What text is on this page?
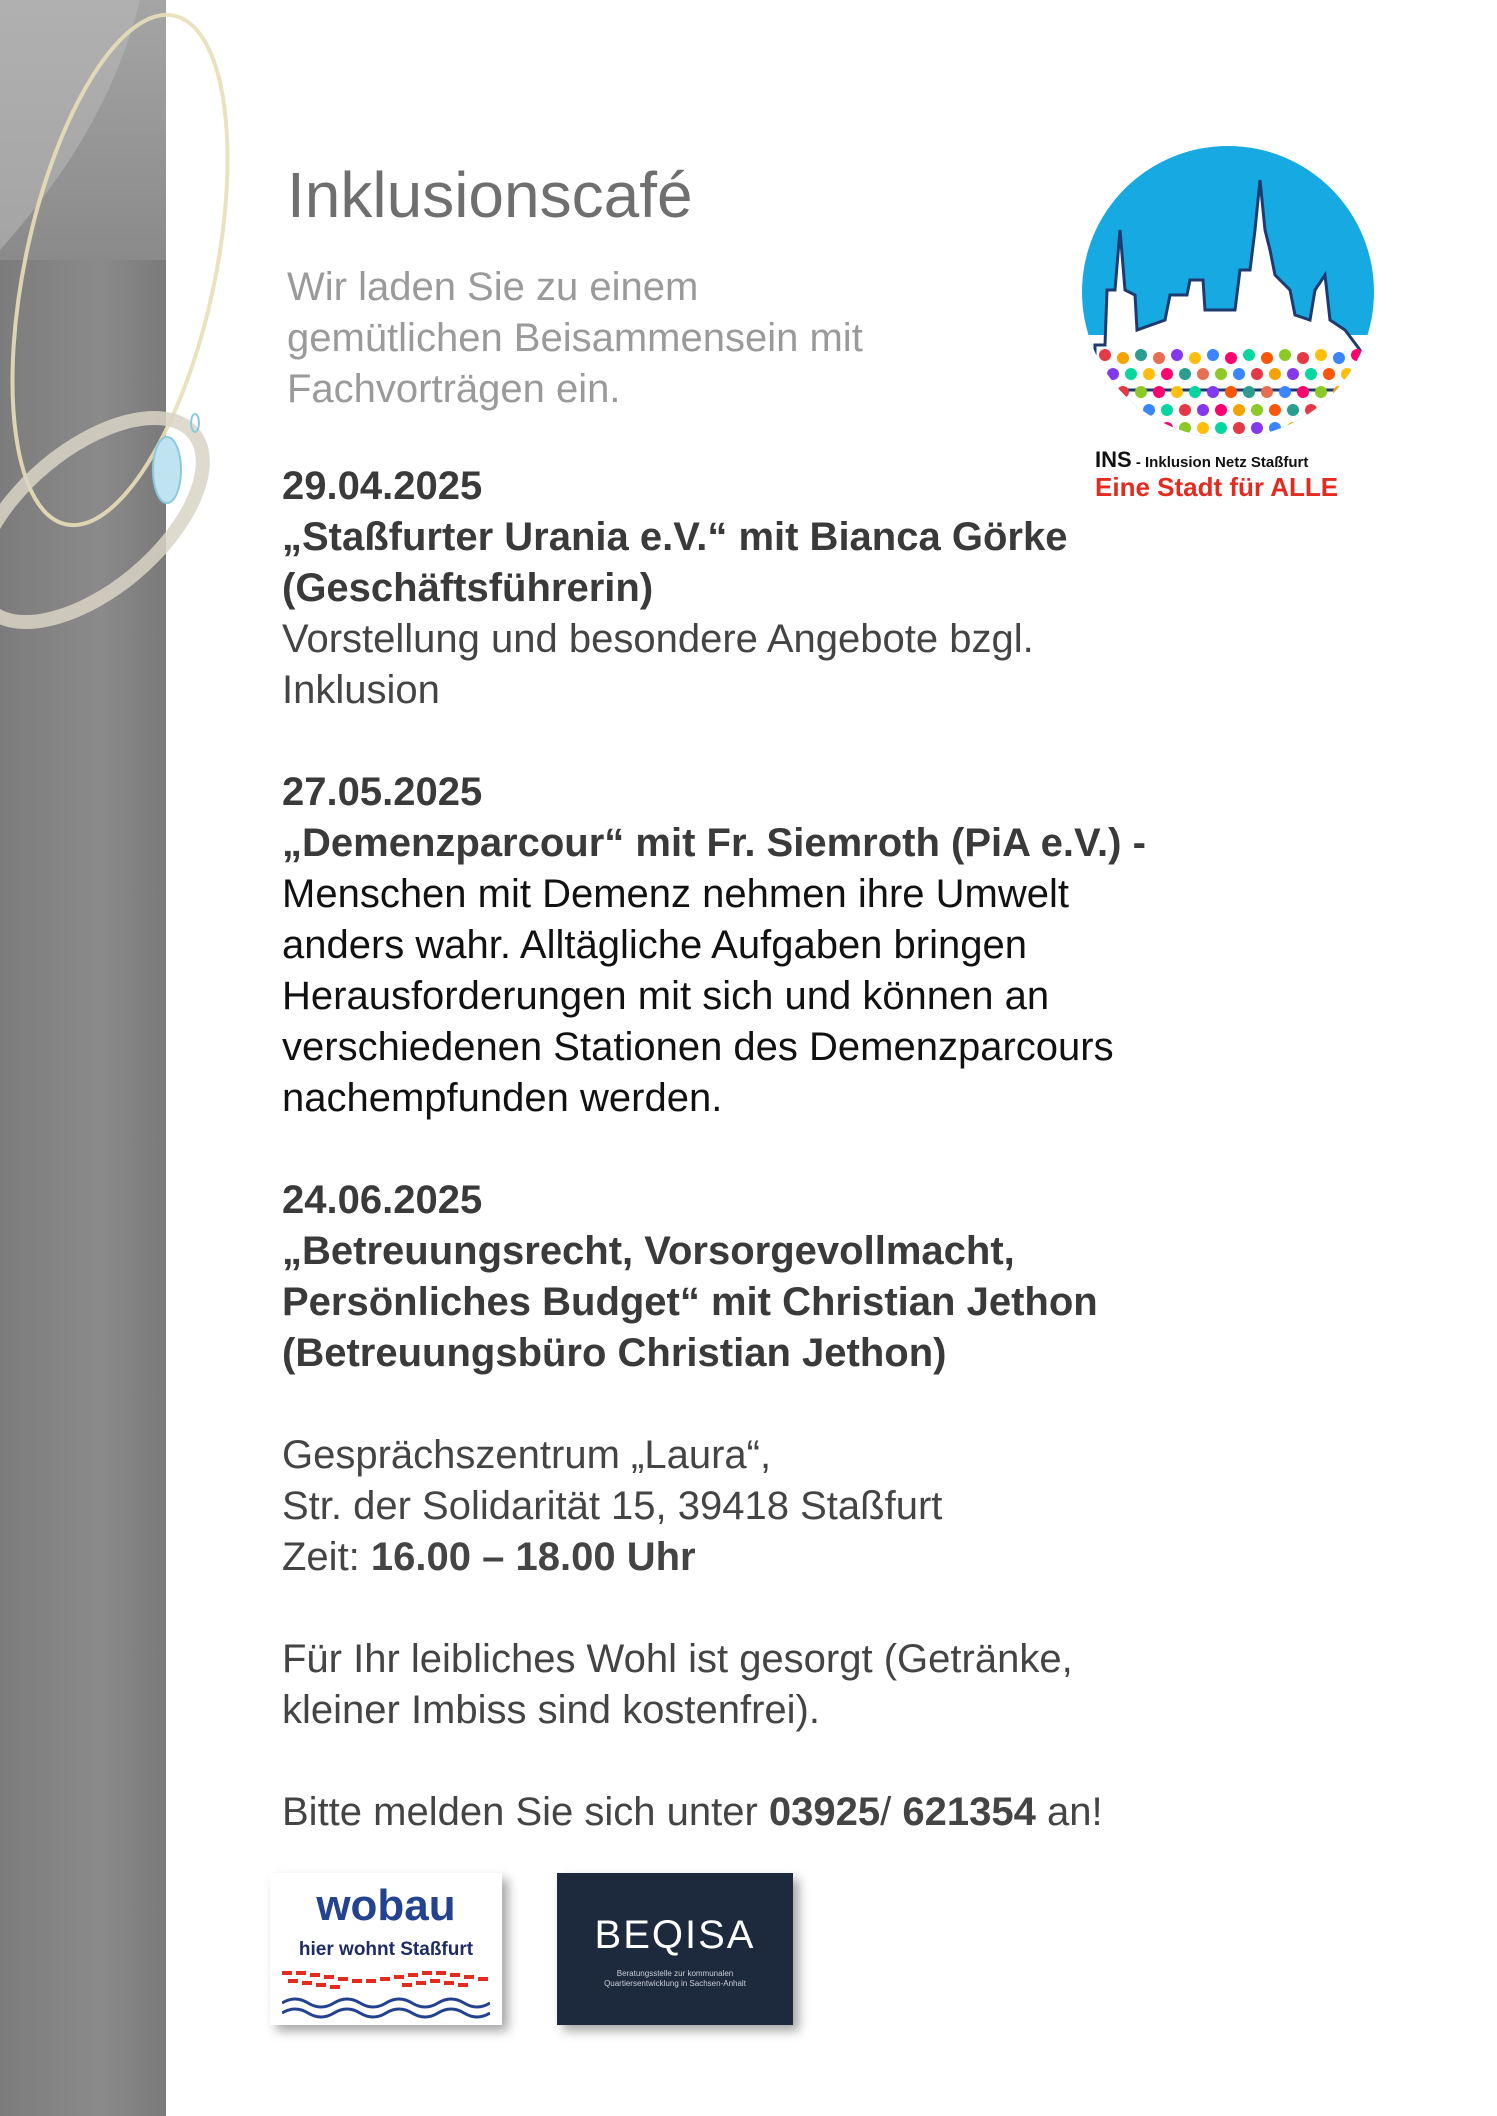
Inklusionscafé
Wir laden Sie zu einem
gemütlichen Beisammensein mit
Fachvorträgen ein.
INS - Inklusion Netz Staßfurt
Eine Stadt für ALLE

29.04.2025

„Staßfurter Urania e.V.“ mit Bianca Görke

(Geschäftsführerin)

Vorstellung und besondere Angebote bzgl.

Inklusion

27.05.2025

„Demenzparcour“ mit Fr. Siemroth (PiA e.V.) -

Menschen mit Demenz nehmen ihre Umwelt

anders wahr. Alltägliche Aufgaben bringen

Herausforderungen mit sich und können an

verschiedenen Stationen des Demenzparcours

nachempfunden werden.

24.06.2025

„Betreuungsrecht, Vorsorgevollmacht,

Persönliches Budget“ mit Christian Jethon

(Betreuungsbüro Christian Jethon)

Gesprächszentrum „Laura“,

Str. der Solidarität 15, 39418 Staßfurt

Zeit: 16.00 – 18.00 Uhr

Für Ihr leibliches Wohl ist gesorgt (Getränke,

kleiner Imbiss sind kostenfrei).

Bitte melden Sie sich unter 03925/ 621354 an!

wobau
hier wohnt Staßfurt	BEQISA
Beratungsstelle zur kommunalen
Quartiersentwicklung in Sachsen-Anhalt
